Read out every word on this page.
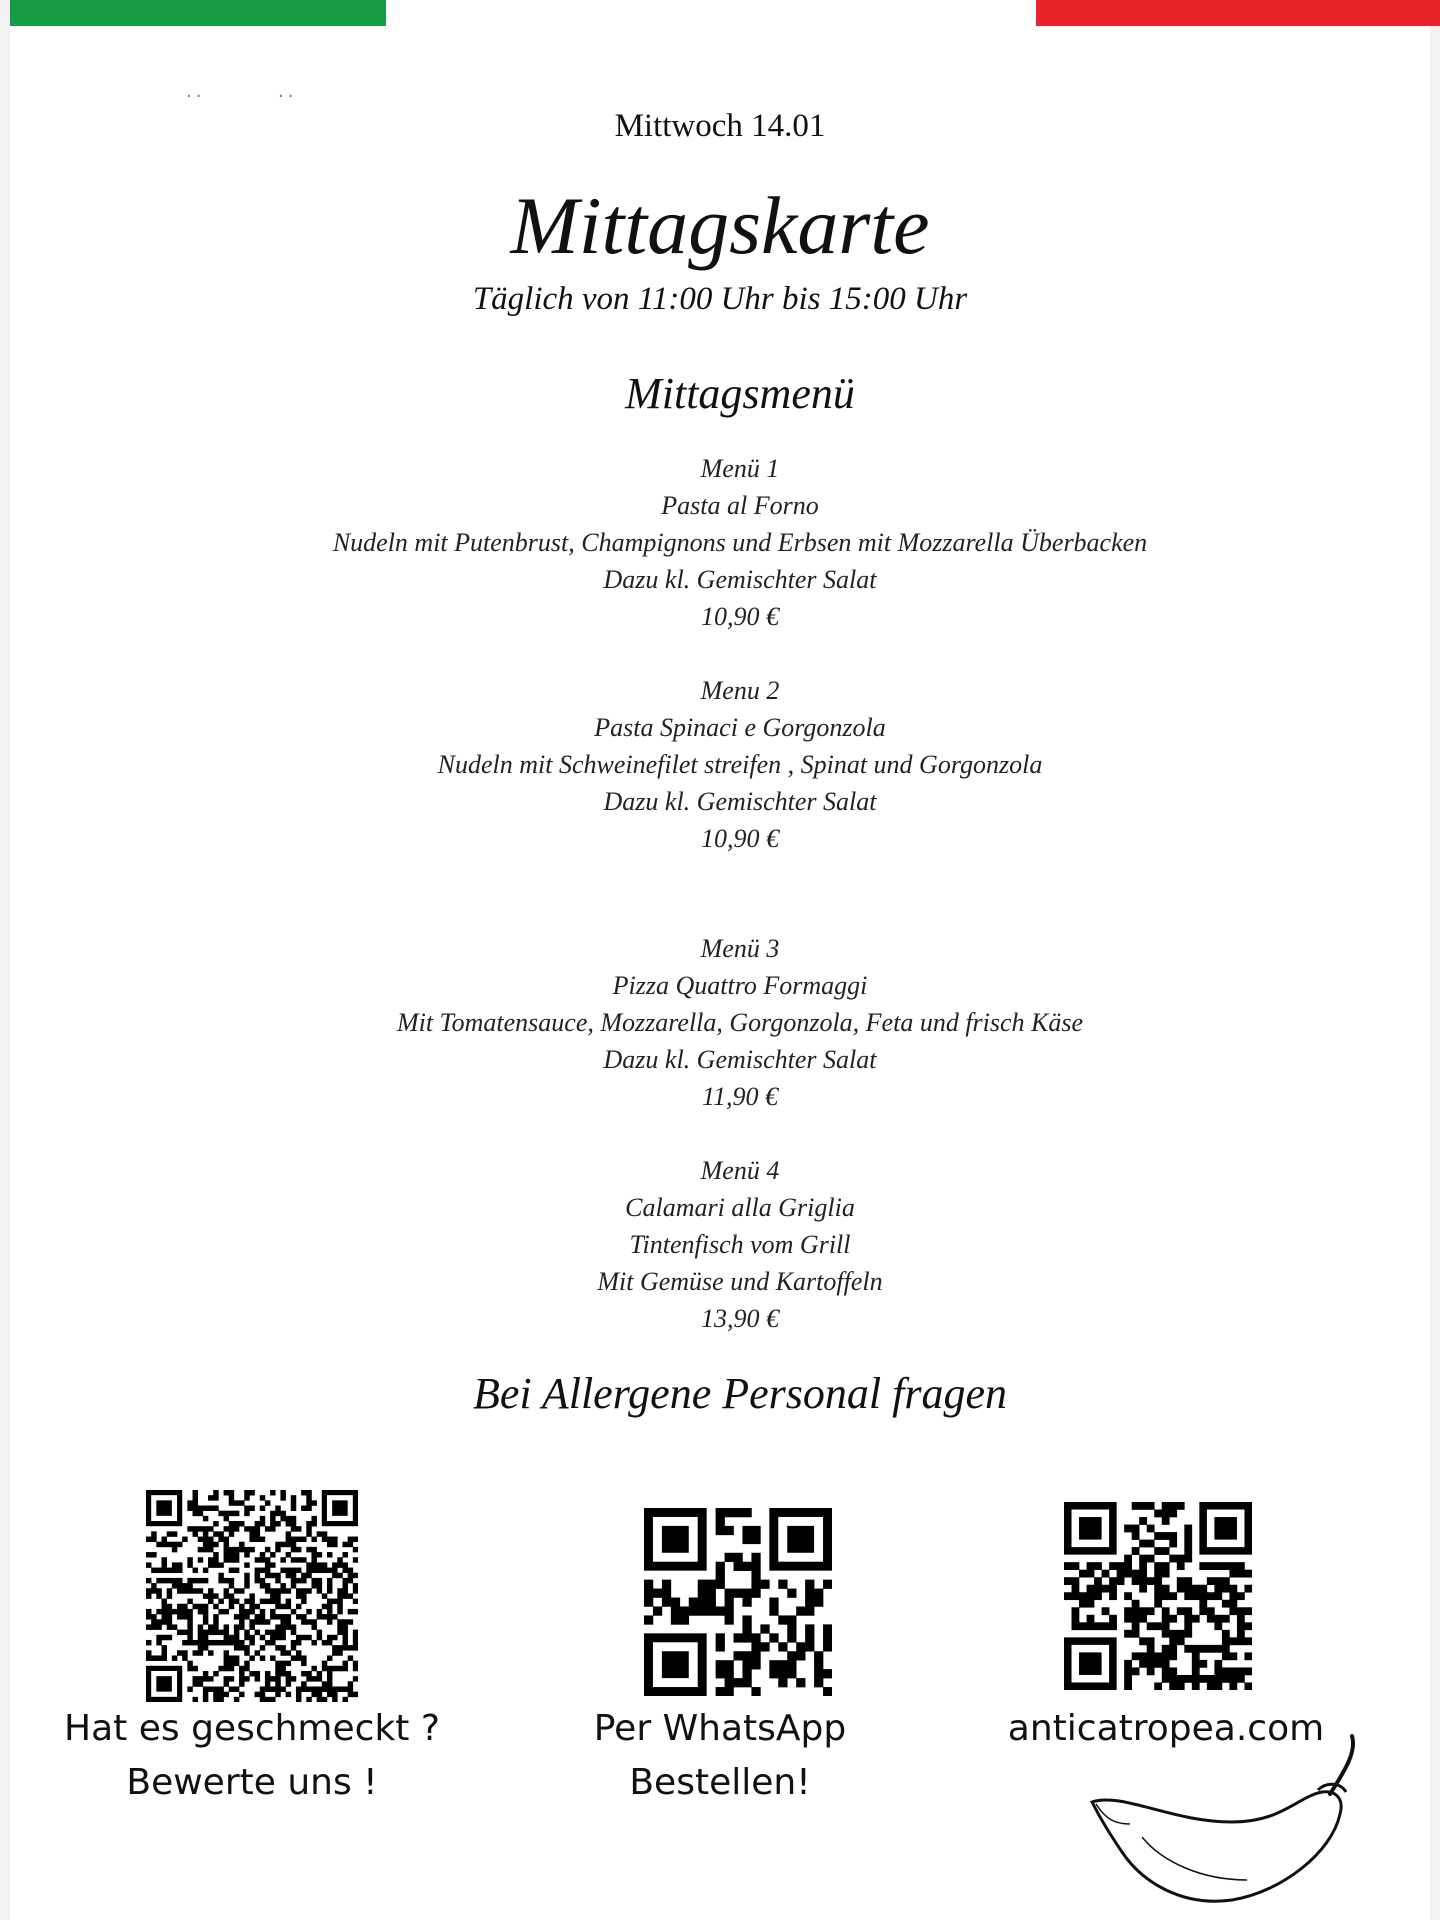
··	··
Mittwoch 14.01
Mittagskarte
Täglich von 11:00 Uhr bis 15:00 Uhr
Mittagsmenü
Menü 1
Pasta al Forno
Nudeln mit Putenbrust, Champignons und Erbsen mit Mozzarella Überbacken
Dazu kl. Gemischter Salat
10,90 €
Menu 2
Pasta Spinaci e Gorgonzola
Nudeln mit Schweinefilet streifen , Spinat und Gorgonzola
Dazu kl. Gemischter Salat
10,90 €
Menü 3
Pizza Quattro Formaggi
Mit Tomatensauce, Mozzarella, Gorgonzola, Feta und frisch Käse
Dazu kl. Gemischter Salat
11,90 €
Menü 4
Calamari alla Griglia
Tintenfisch vom Grill
Mit Gemüse und Kartoffeln
13,90 €
Bei Allergene Personal fragen
Hat es geschmeckt ?
Bewerte uns !
Per WhatsApp
Bestellen!
anticatropea.com
